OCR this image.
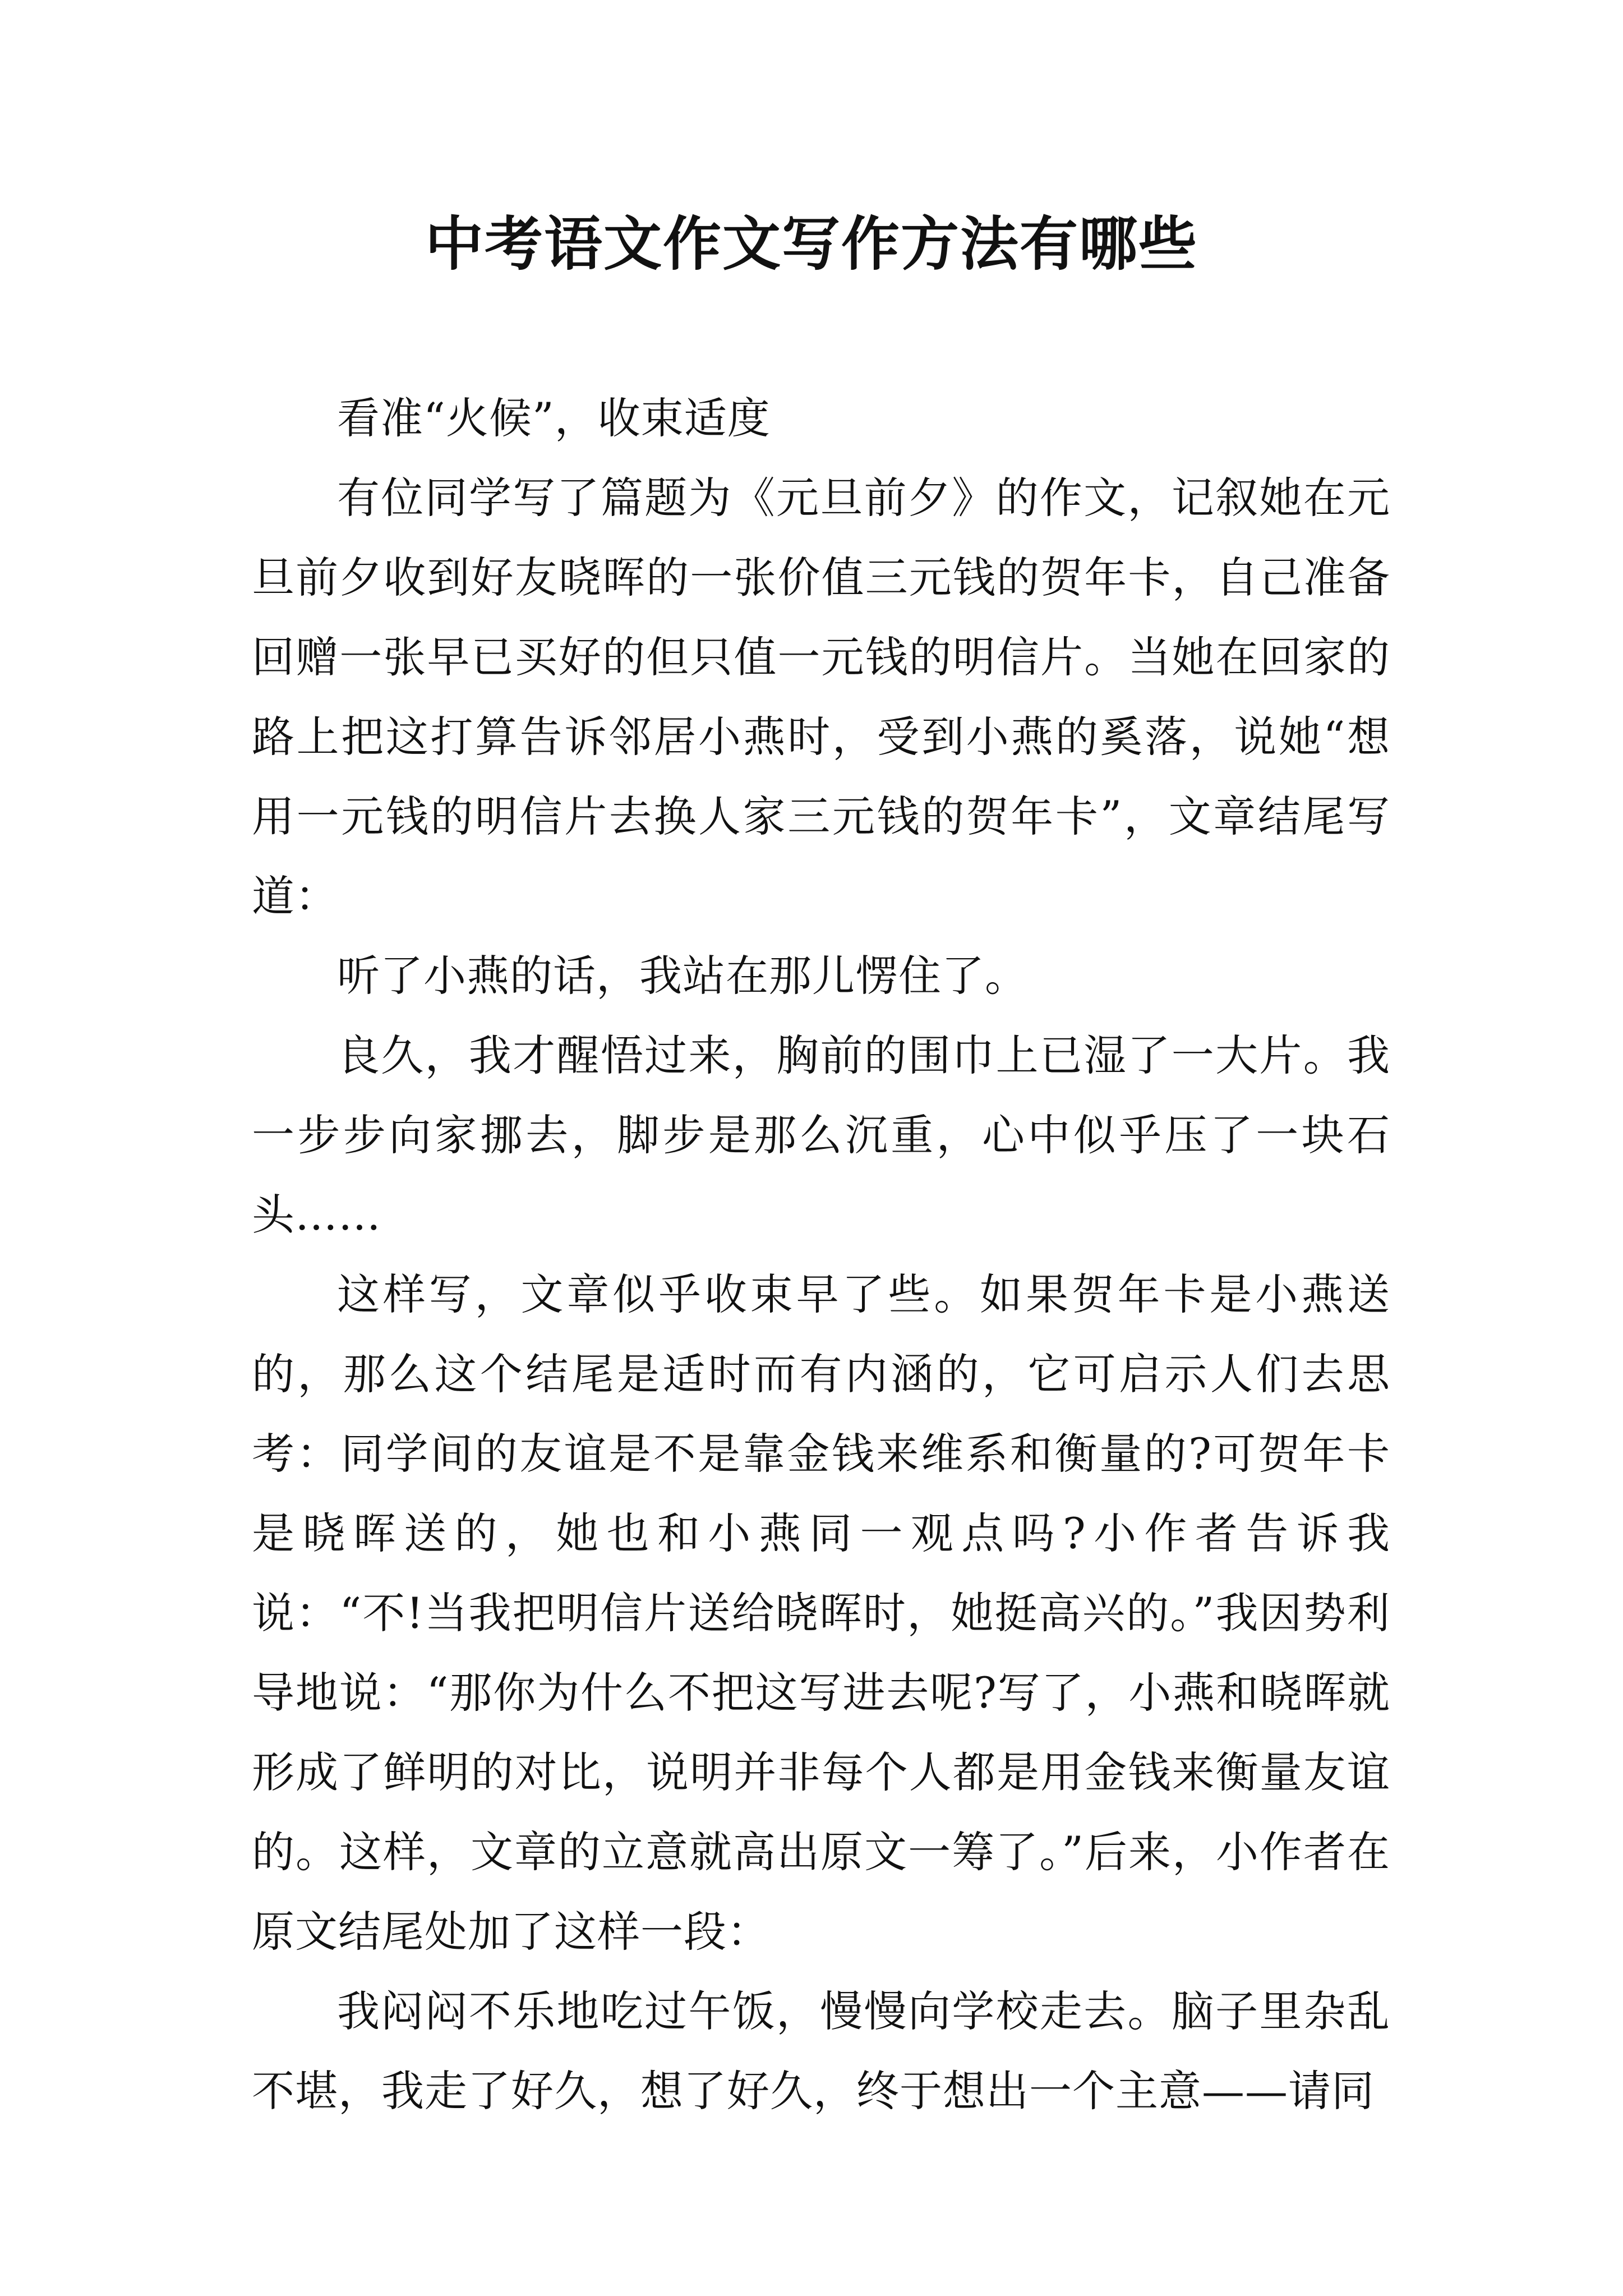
中考语文作文写作方法有哪些

看准“火候”，收束适度

有位同学写了篇题为《元旦前夕》的作文，记叙她在元旦前夕收到好友晓晖的一张价值三元钱的贺年卡，自己准备回赠一张早已买好的但只值一元钱的明信片。当她在回家的路上把这打算告诉邻居小燕时，受到小燕的奚落，说她“想用一元钱的明信片去换人家三元钱的贺年卡”，文章结尾写道：

听了小燕的话，我站在那儿愣住了。

良久，我才醒悟过来，胸前的围巾上已湿了一大片。我一步步向家挪去，脚步是那么沉重，心中似乎压了一块石头……

这样写，文章似乎收束早了些。如果贺年卡是小燕送的，那么这个结尾是适时而有内涵的，它可启示人们去思考：同学间的友谊是不是靠金钱来维系和衡量的?可贺年卡是晓晖送的，她也和小燕同一观点吗?小作者告诉我说：“不!当我把明信片送给晓晖时，她挺高兴的。”我因势利导地说：“那你为什么不把这写进去呢?写了，小燕和晓晖就形成了鲜明的对比，说明并非每个人都是用金钱来衡量友谊的。这样，文章的立意就高出原文一筹了。”后来，小作者在原文结尾处加了这样一段：

我闷闷不乐地吃过午饭，慢慢向学校走去。脑子里杂乱不堪，我走了好久，想了好久，终于想出一个主意——请同
